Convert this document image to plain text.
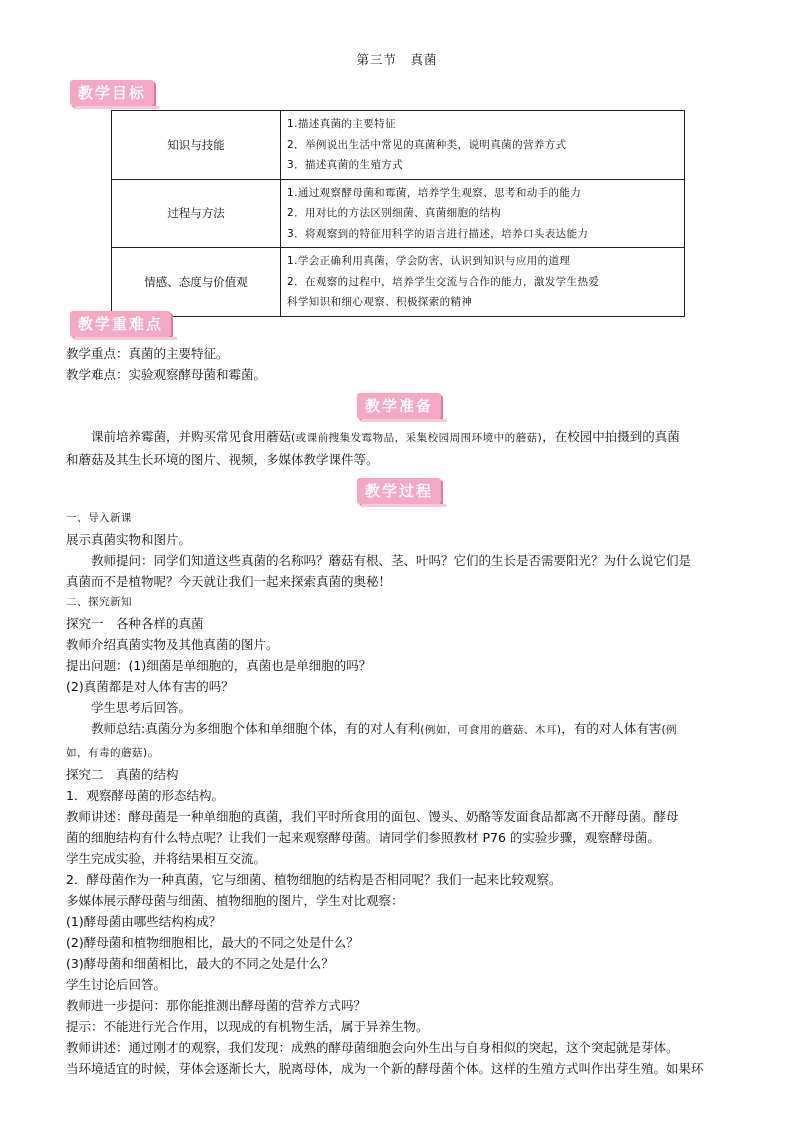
第三节　真菌
教学目标
知识与技能	1.描述真菌的主要特征
2．举例说出生活中常见的真菌种类，说明真菌的营养方式
3．描述真菌的生殖方式

过程与方法	1.通过观察酵母菌和霉菌，培养学生观察、思考和动手的能力
2．用对比的方法区别细菌、真菌细胞的结构
3．将观察到的特征用科学的语言进行描述，培养口头表达能力

情感、态度与价值观	1.学会正确利用真菌，学会防害，认识到知识与应用的道理
2．在观察的过程中，培养学生交流与合作的能力，激发学生热爱
科学知识和细心观察、积极探索的精神
教学重难点
教学重点：真菌的主要特征。
教学难点：实验观察酵母菌和霉菌。
教学准备
课前培养霉菌，并购买常见食用蘑菇(或课前搜集发霉物品，采集校园周围环境中的蘑菇)，在校园中拍摄到的真菌
和蘑菇及其生长环境的图片、视频，多媒体教学课件等。
教学过程
一、导入新课
展示真菌实物和图片。
教师提问：同学们知道这些真菌的名称吗？蘑菇有根、茎、叶吗？它们的生长是否需要阳光？为什么说它们是
真菌而不是植物呢？今天就让我们一起来探索真菌的奥秘！
二、探究新知
探究一　各种各样的真菌
教师介绍真菌实物及其他真菌的图片。
提出问题：(1)细菌是单细胞的，真菌也是单细胞的吗？
(2)真菌都是对人体有害的吗？
学生思考后回答。
教师总结:真菌分为多细胞个体和单细胞个体，有的对人有利(例如，可食用的蘑菇、木耳)，有的对人体有害(例
如，有毒的蘑菇)。
探究二　真菌的结构
1．观察酵母菌的形态结构。
教师讲述：酵母菌是一种单细胞的真菌，我们平时所食用的面包、馒头、奶酪等发面食品都离不开酵母菌。酵母
菌的细胞结构有什么特点呢？让我们一起来观察酵母菌。请同学们参照教材 P76 的实验步骤，观察酵母菌。
学生完成实验，并将结果相互交流。
2．酵母菌作为一种真菌，它与细菌、植物细胞的结构是否相同呢？我们一起来比较观察。
多媒体展示酵母菌与细菌、植物细胞的图片，学生对比观察：
(1)酵母菌由哪些结构构成？
(2)酵母菌和植物细胞相比，最大的不同之处是什么？
(3)酵母菌和细菌相比，最大的不同之处是什么？
学生讨论后回答。
教师进一步提问：那你能推测出酵母菌的营养方式吗？
提示：不能进行光合作用，以现成的有机物生活，属于异养生物。
教师讲述：通过刚才的观察，我们发现：成熟的酵母菌细胞会向外生出与自身相似的突起，这个突起就是芽体。
当环境适宜的时候，芽体会逐渐长大，脱离母体，成为一个新的酵母菌个体。这样的生殖方式叫作出芽生殖。如果环
